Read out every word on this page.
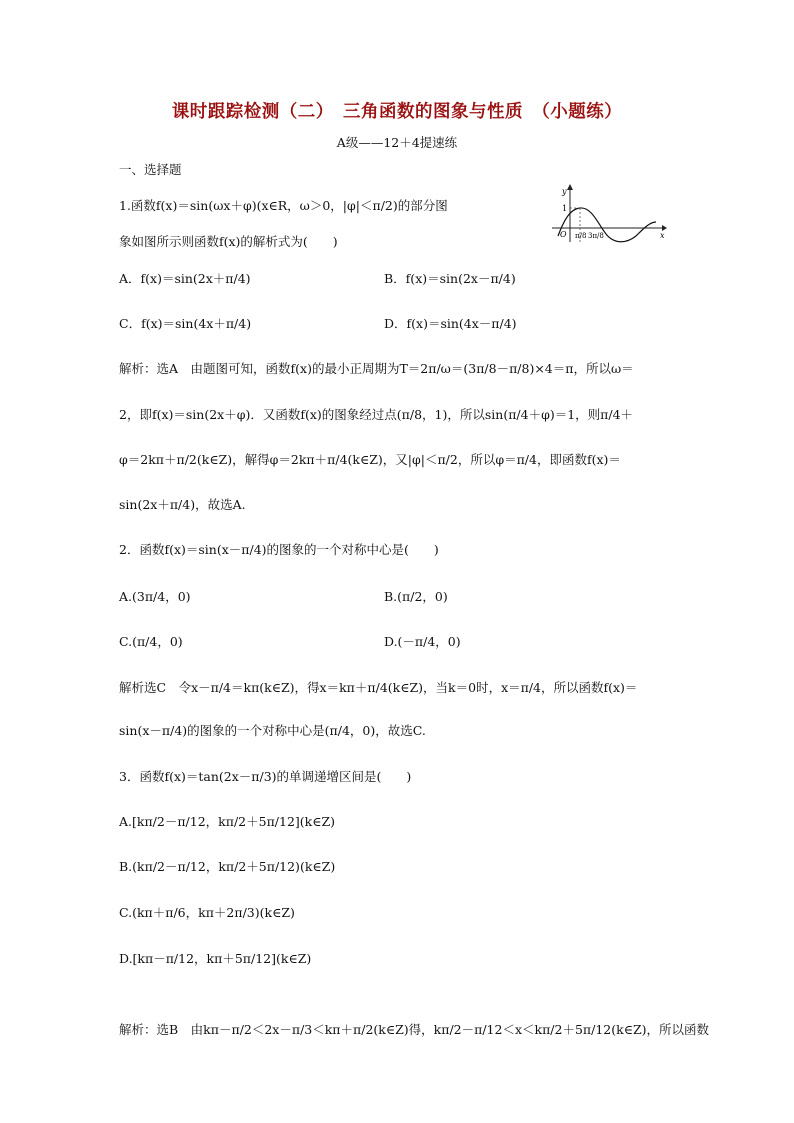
课时跟踪检测（二）　三角函数的图象与性质　（小题练）
A级——12＋4提速练
一、选择题
1.函数f(x)＝sin(ωx＋φ)(x∈R，ω＞0，|φ|＜π/2)的部分图
象如图所示则函数f(x)的解析式为(　　)
y
x
O
1
π/8 3π/8
A．f(x)＝sin(2x＋π/4)	B．f(x)＝sin(2x－π/4)
C．f(x)＝sin(4x＋π/4)	D．f(x)＝sin(4x－π/4)
解析：选A　由题图可知，函数f(x)的最小正周期为T＝2π/ω＝(3π/8－π/8)×4＝π，所以ω＝
2，即f(x)＝sin(2x＋φ)．又函数f(x)的图象经过点(π/8，1)，所以sin(π/4＋φ)＝1，则π/4＋
φ＝2kπ＋π/2(k∈Z)，解得φ＝2kπ＋π/4(k∈Z)，又|φ|＜π/2，所以φ＝π/4，即函数f(x)＝
sin(2x＋π/4)，故选A.
2．函数f(x)＝sin(x－π/4)的图象的一个对称中心是(　　)
A.(3π/4，0)	B.(π/2，0)
C.(π/4，0)	D.(－π/4，0)
解析选C　令x－π/4＝kπ(k∈Z)，得x＝kπ＋π/4(k∈Z)，当k＝0时，x＝π/4，所以函数f(x)＝
sin(x－π/4)的图象的一个对称中心是(π/4，0)，故选C.
3．函数f(x)＝tan(2x－π/3)的单调递增区间是(　　)
A.[kπ/2－π/12，kπ/2＋5π/12](k∈Z)
B.(kπ/2－π/12，kπ/2＋5π/12)(k∈Z)
C.(kπ＋π/6，kπ＋2π/3)(k∈Z)
D.[kπ－π/12，kπ＋5π/12](k∈Z)
解析：选B　由kπ－π/2＜2x－π/3＜kπ＋π/2(k∈Z)得，kπ/2－π/12＜x＜kπ/2＋5π/12(k∈Z)，所以函数
